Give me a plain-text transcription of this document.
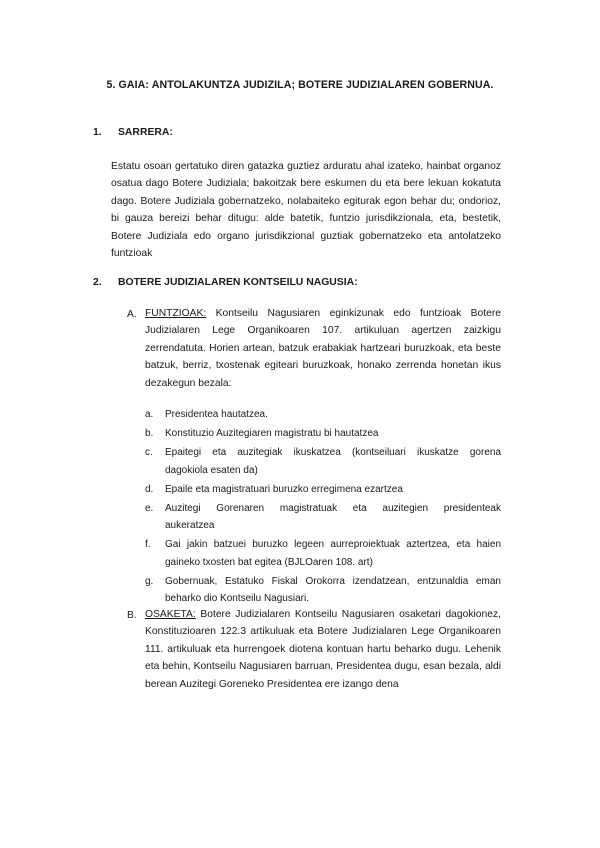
5. GAIA: ANTOLAKUNTZA JUDIZILA; BOTERE JUDIZIALAREN GOBERNUA.
1. SARRERA:
Estatu osoan gertatuko diren gatazka guztiez arduratu ahal izateko, hainbat organoz
osatua dago Botere Judiziala; bakoitzak bere eskumen du eta bere lekuan kokatuta
dago. Botere Judiziala gobernatzeko, nolabaiteko egiturak egon behar du; ondorioz,
bi gauza bereizi behar ditugu: alde batetik, funtzio jurisdikzionala, eta, bestetik,
Botere Judiziala edo organo jurisdikzional guztiak gobernatzeko eta antolatzeko
funtzioak
2. BOTERE JUDIZIALAREN KONTSEILU NAGUSIA:
A. FUNTZIOAK: Kontseilu Nagusiaren eginkizunak edo funtzioak Botere
Judizialaren Lege Organikoaren 107. artikuluan agertzen zaizkigu
zerrendatuta. Horien artean, batzuk erabakiak hartzeari buruzkoak, eta beste
batzuk, berriz, txostenak egiteari buruzkoak, honako zerrenda honetan ikus
dezakegun bezala:
a. Presidentea hautatzea.
b. Konstituzio Auzitegiaren magistratu bi hautatzea
c. Epaitegi eta auzitegiak ikuskatzea (kontseiluari ikuskatze gorena
dagokiola esaten da)
d. Epaile eta magistratuari buruzko erregimena ezartzea
e. Auzitegi Gorenaren magistratuak eta auzitegien presidenteak
aukeratzea
f. Gai jakin batzuei buruzko legeen aurreproiektuak aztertzea, eta haien
gaineko txosten bat egitea (BJLOaren 108. art)
g. Gobernuak, Estatuko Fiskal Orokorra izendatzean, entzunaldia eman
beharko dio Kontseilu Nagusiari.
B. OSAKETA: Botere Judizialaren Kontseilu Nagusiaren osaketari dagokionez,
Konstituzioaren 122.3 artikuluak eta Botere Judizialaren Lege Organikoaren
111. artikuluak eta hurrengoek diotena kontuan hartu beharko dugu. Lehenik
eta behin, Kontseilu Nagusiaren barruan, Presidentea dugu, esan bezala, aldi
berean Auzitegi Goreneko Presidentea ere izango dena
